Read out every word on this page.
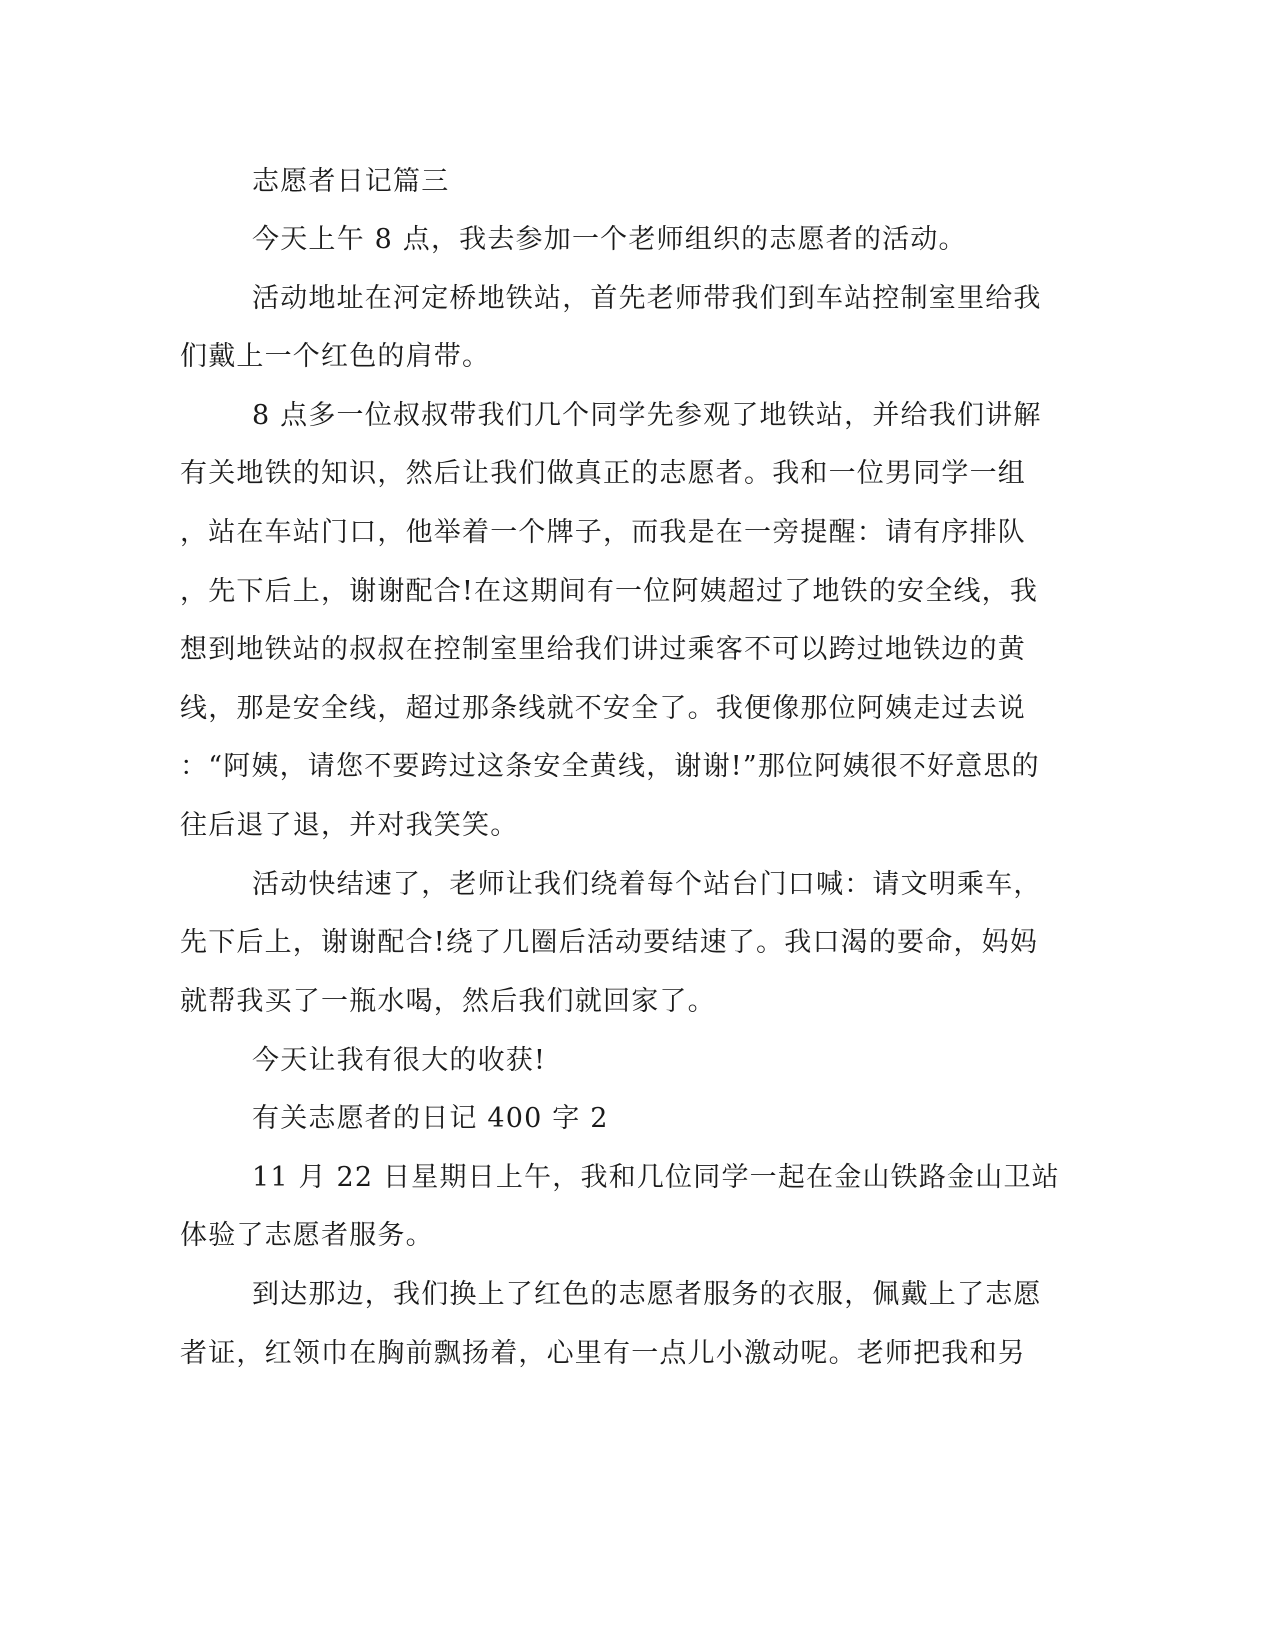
志愿者日记篇三
今天上午 8 点，我去参加一个老师组织的志愿者的活动。
活动地址在河定桥地铁站，首先老师带我们到车站控制室里给我
们戴上一个红色的肩带。
8 点多一位叔叔带我们几个同学先参观了地铁站，并给我们讲解
有关地铁的知识，然后让我们做真正的志愿者。我和一位男同学一组
，站在车站门口，他举着一个牌子，而我是在一旁提醒：请有序排队
，先下后上，谢谢配合!在这期间有一位阿姨超过了地铁的安全线，我
想到地铁站的叔叔在控制室里给我们讲过乘客不可以跨过地铁边的黄
线，那是安全线，超过那条线就不安全了。我便像那位阿姨走过去说
：“阿姨，请您不要跨过这条安全黄线，谢谢!”那位阿姨很不好意思的
往后退了退，并对我笑笑。
活动快结速了，老师让我们绕着每个站台门口喊：请文明乘车，
先下后上，谢谢配合!绕了几圈后活动要结速了。我口渴的要命，妈妈
就帮我买了一瓶水喝，然后我们就回家了。
今天让我有很大的收获!
有关志愿者的日记 400 字 2
11 月 22 日星期日上午，我和几位同学一起在金山铁路金山卫站
体验了志愿者服务。
到达那边，我们换上了红色的志愿者服务的衣服，佩戴上了志愿
者证，红领巾在胸前飘扬着，心里有一点儿小激动呢。老师把我和另
